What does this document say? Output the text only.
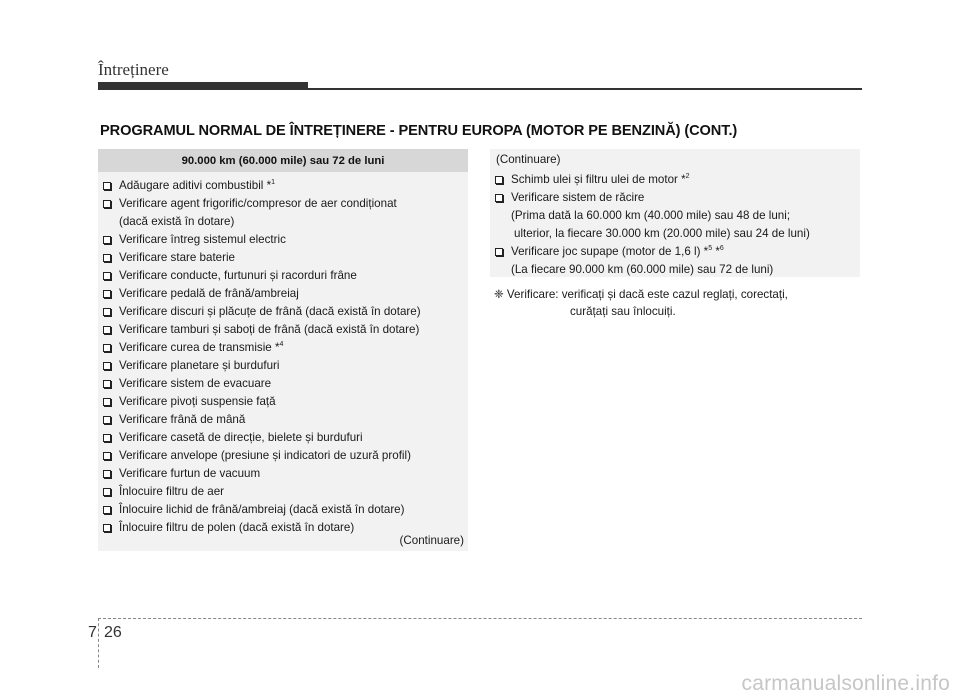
Întreținere
PROGRAMUL NORMAL DE ÎNTREȚINERE - PENTRU EUROPA (MOTOR PE BENZINĂ) (CONT.)
90.000 km (60.000 mile) sau 72 de luni
Adăugare aditivi combustibil *$^1$
Verificare agent frigorific/compresor de aer condiționat
(dacă există în dotare)
Verificare întreg sistemul electric
Verificare stare baterie
Verificare conducte, furtunuri și racorduri frâne
Verificare pedală de frână/ambreiaj
Verificare discuri și plăcuțe de frână (dacă există în dotare)
Verificare tamburi și saboți de frână (dacă există în dotare)
Verificare curea de transmisie *$^4$
Verificare planetare și burdufuri
Verificare sistem de evacuare
Verificare pivoți suspensie față
Verificare frână de mână
Verificare casetă de direcție, bielete și burdufuri
Verificare anvelope (presiune și indicatori de uzură profil)
Verificare furtun de vacuum
Înlocuire filtru de aer
Înlocuire lichid de frână/ambreiaj (dacă există în dotare)
Înlocuire filtru de polen (dacă există în dotare)
(Continuare)
(Continuare)
Schimb ulei și filtru ulei de motor *$^2$
Verificare sistem de răcire
(Prima dată la 60.000 km (40.000 mile) sau 48 de luni;
ulterior, la fiecare 30.000 km (20.000 mile) sau 24 de luni)
Verificare joc supape (motor de 1,6 l) *$^5$ *$^6$
(La fiecare 90.000 km (60.000 mile) sau 72 de luni)
❈ Verificare: verificați și dacă este cazul reglați, corectați,
curățați sau înlocuiți.
7 26
carmanualsonline.info
